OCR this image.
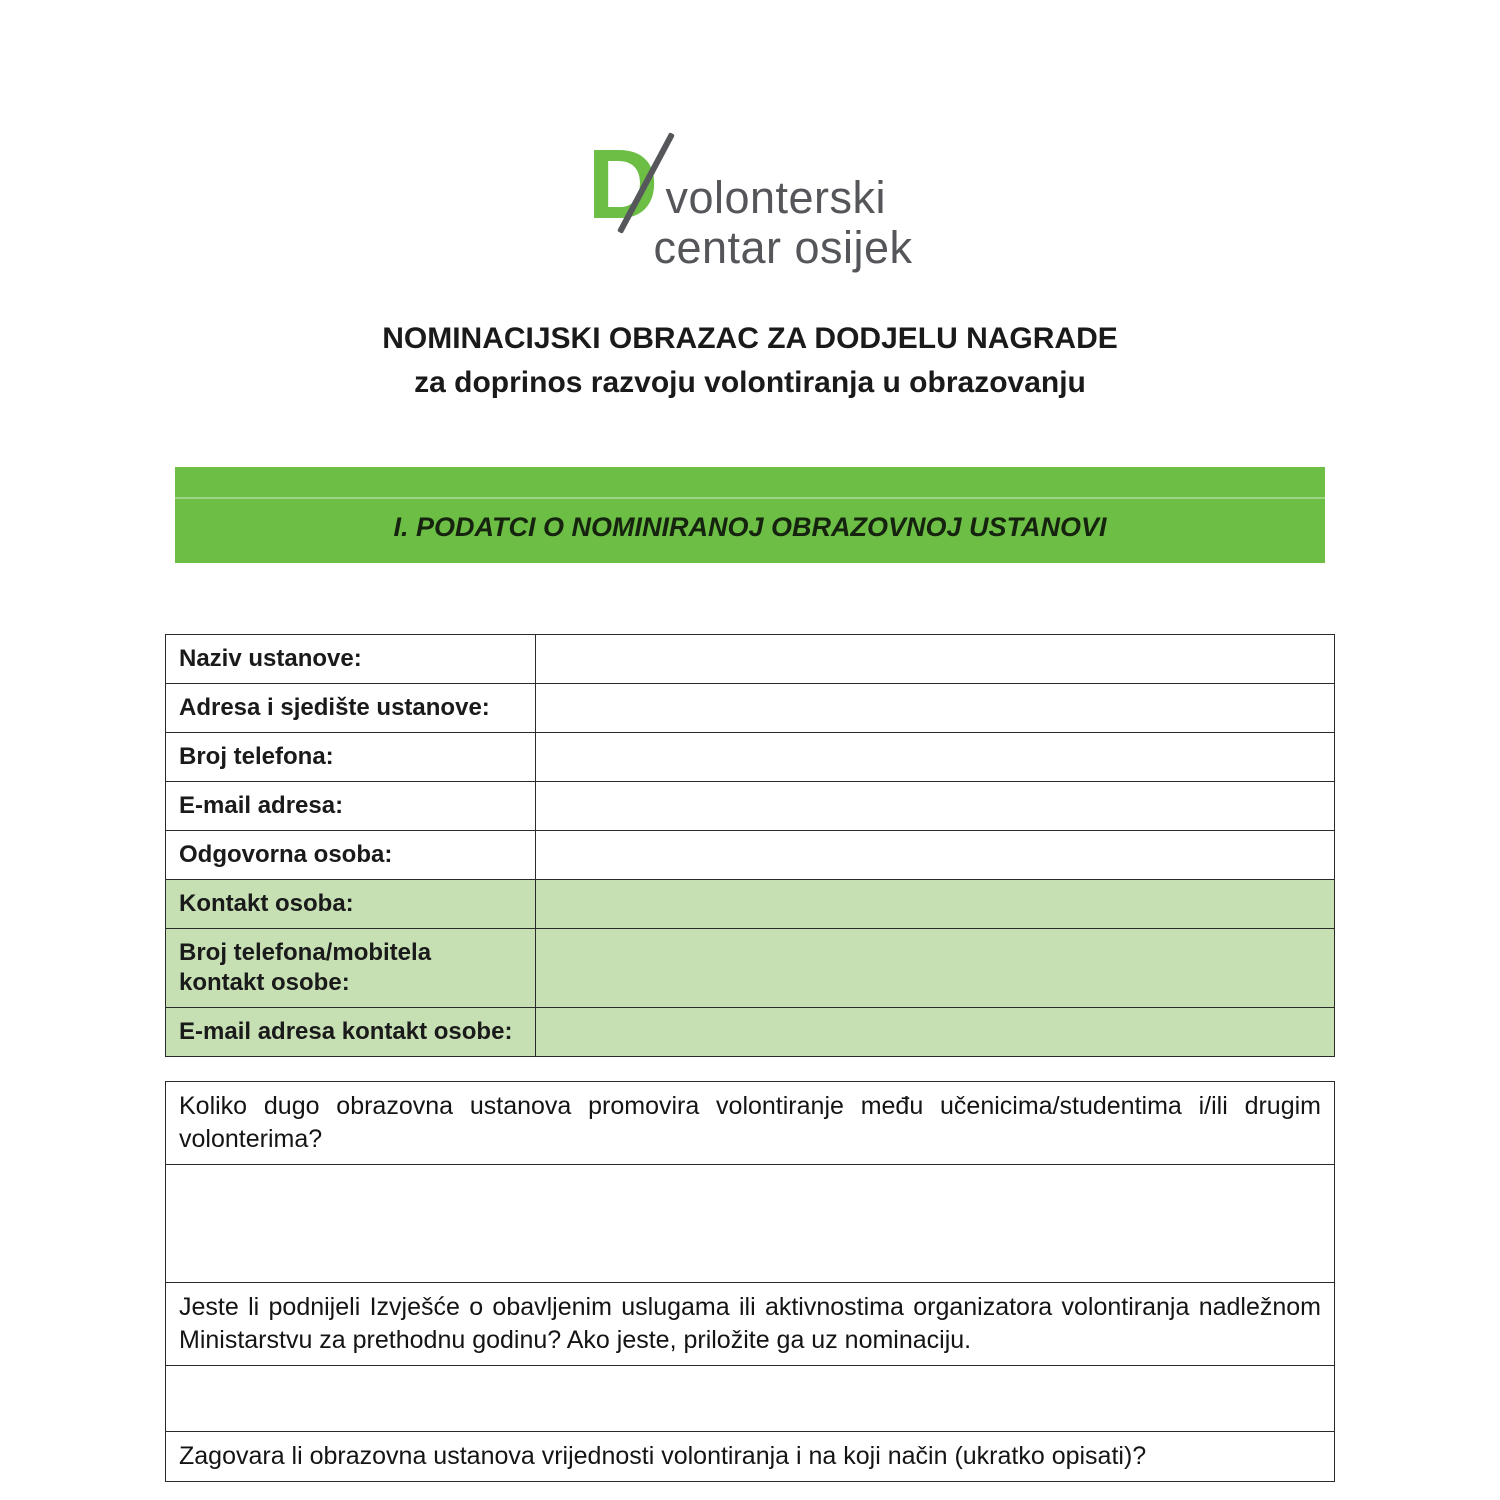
D volonterski
centar osijek
NOMINACIJSKI OBRAZAC ZA DODJELU NAGRADE
za doprinos razvoju volontiranja u obrazovanju
I. PODATCI O NOMINIRANOJ OBRAZOVNOJ USTANOVI
Naziv ustanove:	
Adresa i sjedište ustanove:	
Broj telefona:	
E-mail adresa:	
Odgovorna osoba:	
Kontakt osoba:	
Broj telefona/mobitela kontakt osobe:	
E-mail adresa kontakt osobe:	
Koliko dugo obrazovna ustanova promovira volontiranje među učenicima/studentima i/ili drugim volonterima?

Jeste li podnijeli Izvješće o obavljenim uslugama ili aktivnostima organizatora volontiranja nadležnom Ministarstvu za prethodnu godinu? Ako jeste, priložite ga uz nominaciju.

Zagovara li obrazovna ustanova vrijednosti volontiranja i na koji način (ukratko opisati)?
